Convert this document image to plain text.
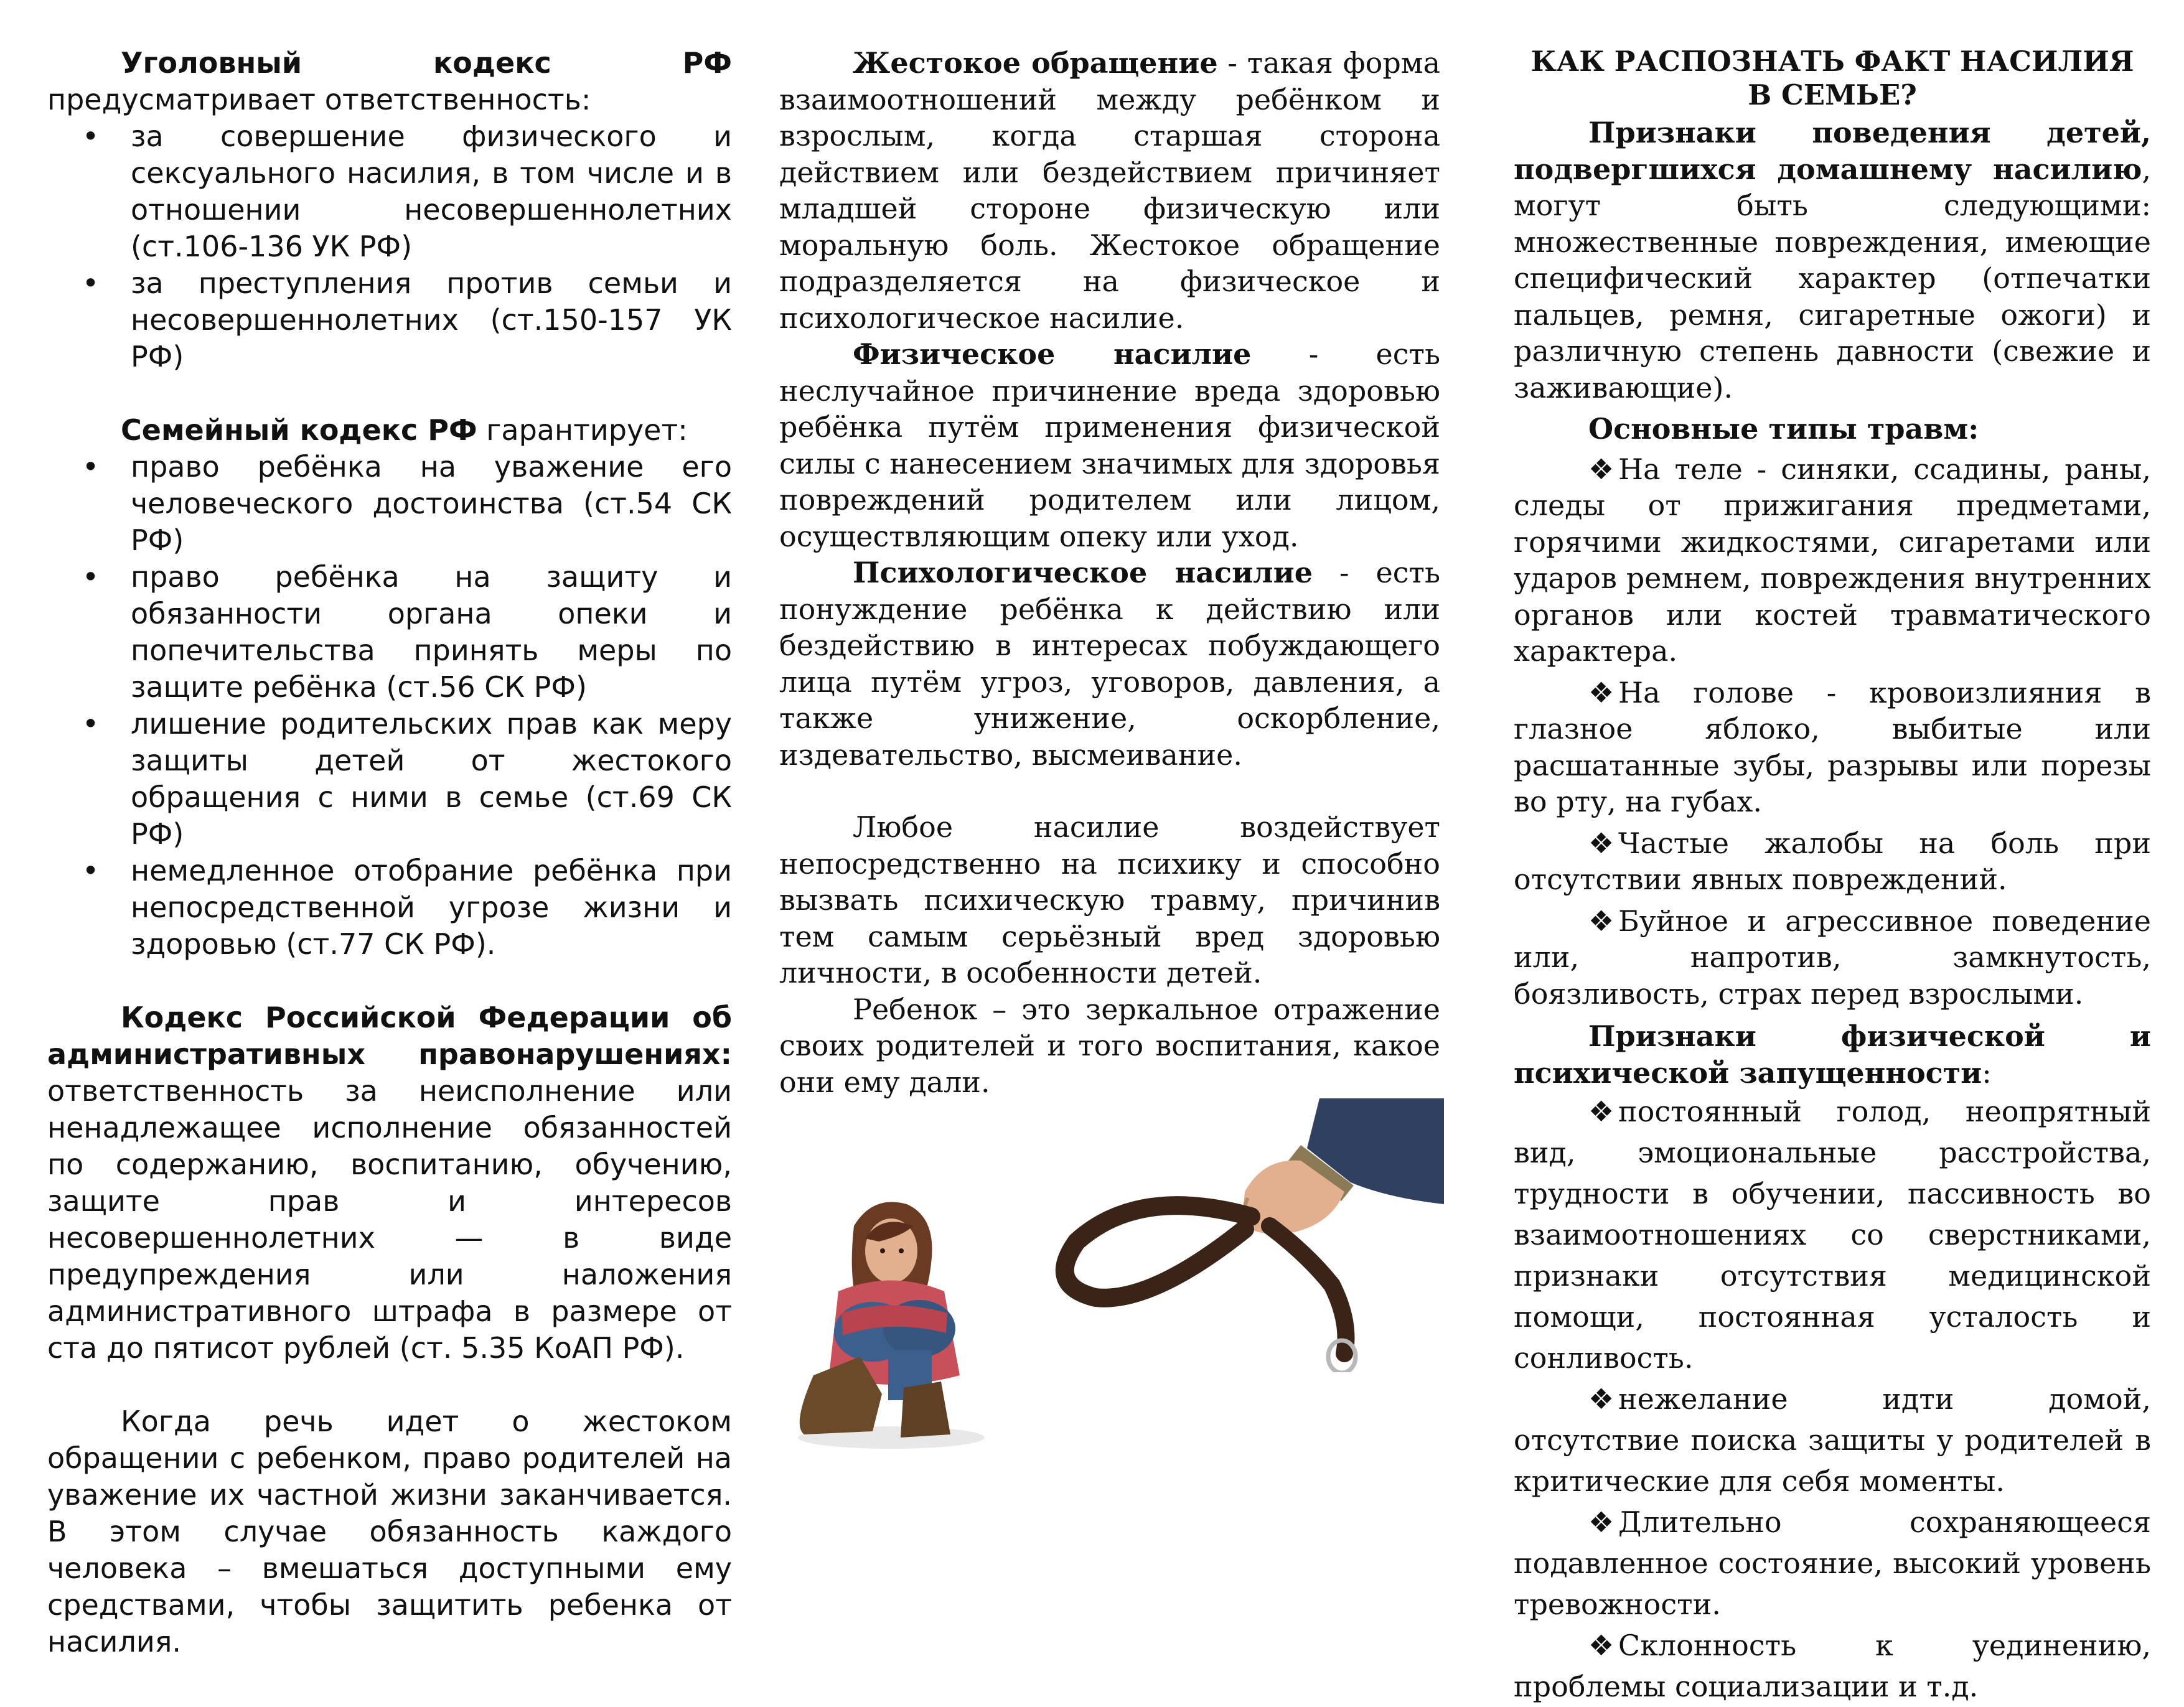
Уголовный кодекс РФ предусматривает ответственность:

• за совершение физического и сексуального насилия, в том числе и в отношении несовершеннолетних (ст.106-136 УК РФ)
• за преступления против семьи и несовершеннолетних (ст.150-157 УК РФ)

Семейный кодекс РФ гарантирует:

• право ребёнка на уважение его человеческого достоинства (ст.54 СК РФ)
• право ребёнка на защиту и обязанности органа опеки и попечительства принять меры по защите ребёнка (ст.56 СК РФ)
• лишение родительских прав как меру защиты детей от жестокого обращения с ними в семье (ст.69 СК РФ)
• немедленное отобрание ребёнка при непосредственной угрозе жизни и здоровью (ст.77 СК РФ).

Кодекс Российской Федерации об административных правонарушениях: ответственность за неисполнение или ненадлежащее исполнение обязанностей по содержанию, воспитанию, обучению, защите прав и интересов несовершеннолетних — в виде предупреждения или наложения административного штрафа в размере от ста до пятисот рублей (ст. 5.35 КоАП РФ).

Когда речь идет о жестоком обращении с ребенком, право родителей на уважение их частной жизни заканчивается. В этом случае обязанность каждого человека – вмешаться доступными ему средствами, чтобы защитить ребенка от насилия.

Жестокое обращение - такая форма взаимоотношений между ребёнком и взрослым, когда старшая сторона действием или бездействием причиняет младшей стороне физическую или моральную боль. Жестокое обращение подразделяется на физическое и психологическое насилие.

Физическое насилие - есть неслучайное причинение вреда здоровью ребёнка путём применения физической силы с нанесением значимых для здоровья повреждений родителем или лицом, осуществляющим опеку или уход.

Психологическое насилие - есть понуждение ребёнка к действию или бездействию в интересах побуждающего лица путём угроз, уговоров, давления, а также унижение, оскорбление, издевательство, высмеивание.

Любое насилие воздействует непосредственно на психику и способно вызвать психическую травму, причинив тем самым серьёзный вред здоровью личности, в особенности детей.

Ребенок – это зеркальное отражение своих родителей и того воспитания, какое они ему дали.

КАК РАСПОЗНАТЬ ФАКТ НАСИЛИЯ
В СЕМЬЕ?

Признаки поведения детей, подвергшихся домашнему насилию, могут быть следующими: множественные повреждения, имеющие специфический характер (отпечатки пальцев, ремня, сигаретные ожоги) и различную степень давности (свежие и заживающие).

Основные типы травм:

❖ На теле - синяки, ссадины, раны, следы от прижигания предметами, горячими жидкостями, сигаретами или ударов ремнем, повреждения внутренних органов или костей травматического характера.

❖ На голове - кровоизлияния в глазное яблоко, выбитые или расшатанные зубы, разрывы или порезы во рту, на губах.

❖ Частые жалобы на боль при отсутствии явных повреждений.

❖ Буйное и агрессивное поведение или, напротив, замкнутость, боязливость, страх перед взрослыми.

Признаки физической и психической запущенности:

❖ постоянный голод, неопрятный вид, эмоциональные расстройства, трудности в обучении, пассивность во взаимоотношениях со сверстниками, признаки отсутствия медицинской помощи, постоянная усталость и сонливость.

❖ нежелание идти домой, отсутствие поиска защиты у родителей в критические для себя моменты.

❖ Длительно сохраняющееся подавленное состояние, высокий уровень тревожности.

❖ Склонность к уединению, проблемы социализации и т.д.
